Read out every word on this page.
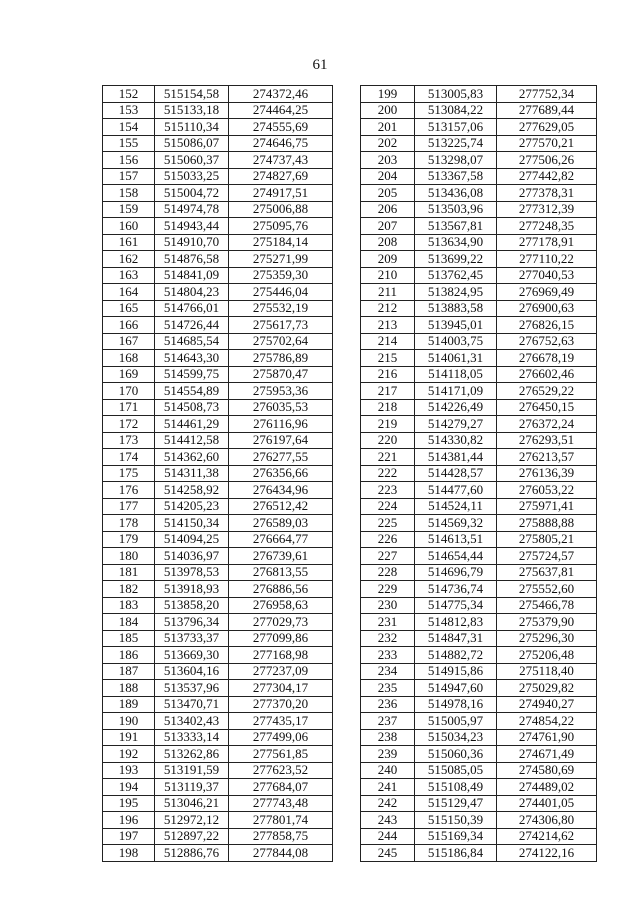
61
152	515154,58	274372,46
153	515133,18	274464,25
154	515110,34	274555,69
155	515086,07	274646,75
156	515060,37	274737,43
157	515033,25	274827,69
158	515004,72	274917,51
159	514974,78	275006,88
160	514943,44	275095,76
161	514910,70	275184,14
162	514876,58	275271,99
163	514841,09	275359,30
164	514804,23	275446,04
165	514766,01	275532,19
166	514726,44	275617,73
167	514685,54	275702,64
168	514643,30	275786,89
169	514599,75	275870,47
170	514554,89	275953,36
171	514508,73	276035,53
172	514461,29	276116,96
173	514412,58	276197,64
174	514362,60	276277,55
175	514311,38	276356,66
176	514258,92	276434,96
177	514205,23	276512,42
178	514150,34	276589,03
179	514094,25	276664,77
180	514036,97	276739,61
181	513978,53	276813,55
182	513918,93	276886,56
183	513858,20	276958,63
184	513796,34	277029,73
185	513733,37	277099,86
186	513669,30	277168,98
187	513604,16	277237,09
188	513537,96	277304,17
189	513470,71	277370,20
190	513402,43	277435,17
191	513333,14	277499,06
192	513262,86	277561,85
193	513191,59	277623,52
194	513119,37	277684,07
195	513046,21	277743,48
196	512972,12	277801,74
197	512897,22	277858,75
198	512886,76	277844,08
199	513005,83	277752,34
200	513084,22	277689,44
201	513157,06	277629,05
202	513225,74	277570,21
203	513298,07	277506,26
204	513367,58	277442,82
205	513436,08	277378,31
206	513503,96	277312,39
207	513567,81	277248,35
208	513634,90	277178,91
209	513699,22	277110,22
210	513762,45	277040,53
211	513824,95	276969,49
212	513883,58	276900,63
213	513945,01	276826,15
214	514003,75	276752,63
215	514061,31	276678,19
216	514118,05	276602,46
217	514171,09	276529,22
218	514226,49	276450,15
219	514279,27	276372,24
220	514330,82	276293,51
221	514381,44	276213,57
222	514428,57	276136,39
223	514477,60	276053,22
224	514524,11	275971,41
225	514569,32	275888,88
226	514613,51	275805,21
227	514654,44	275724,57
228	514696,79	275637,81
229	514736,74	275552,60
230	514775,34	275466,78
231	514812,83	275379,90
232	514847,31	275296,30
233	514882,72	275206,48
234	514915,86	275118,40
235	514947,60	275029,82
236	514978,16	274940,27
237	515005,97	274854,22
238	515034,23	274761,90
239	515060,36	274671,49
240	515085,05	274580,69
241	515108,49	274489,02
242	515129,47	274401,05
243	515150,39	274306,80
244	515169,34	274214,62
245	515186,84	274122,16
